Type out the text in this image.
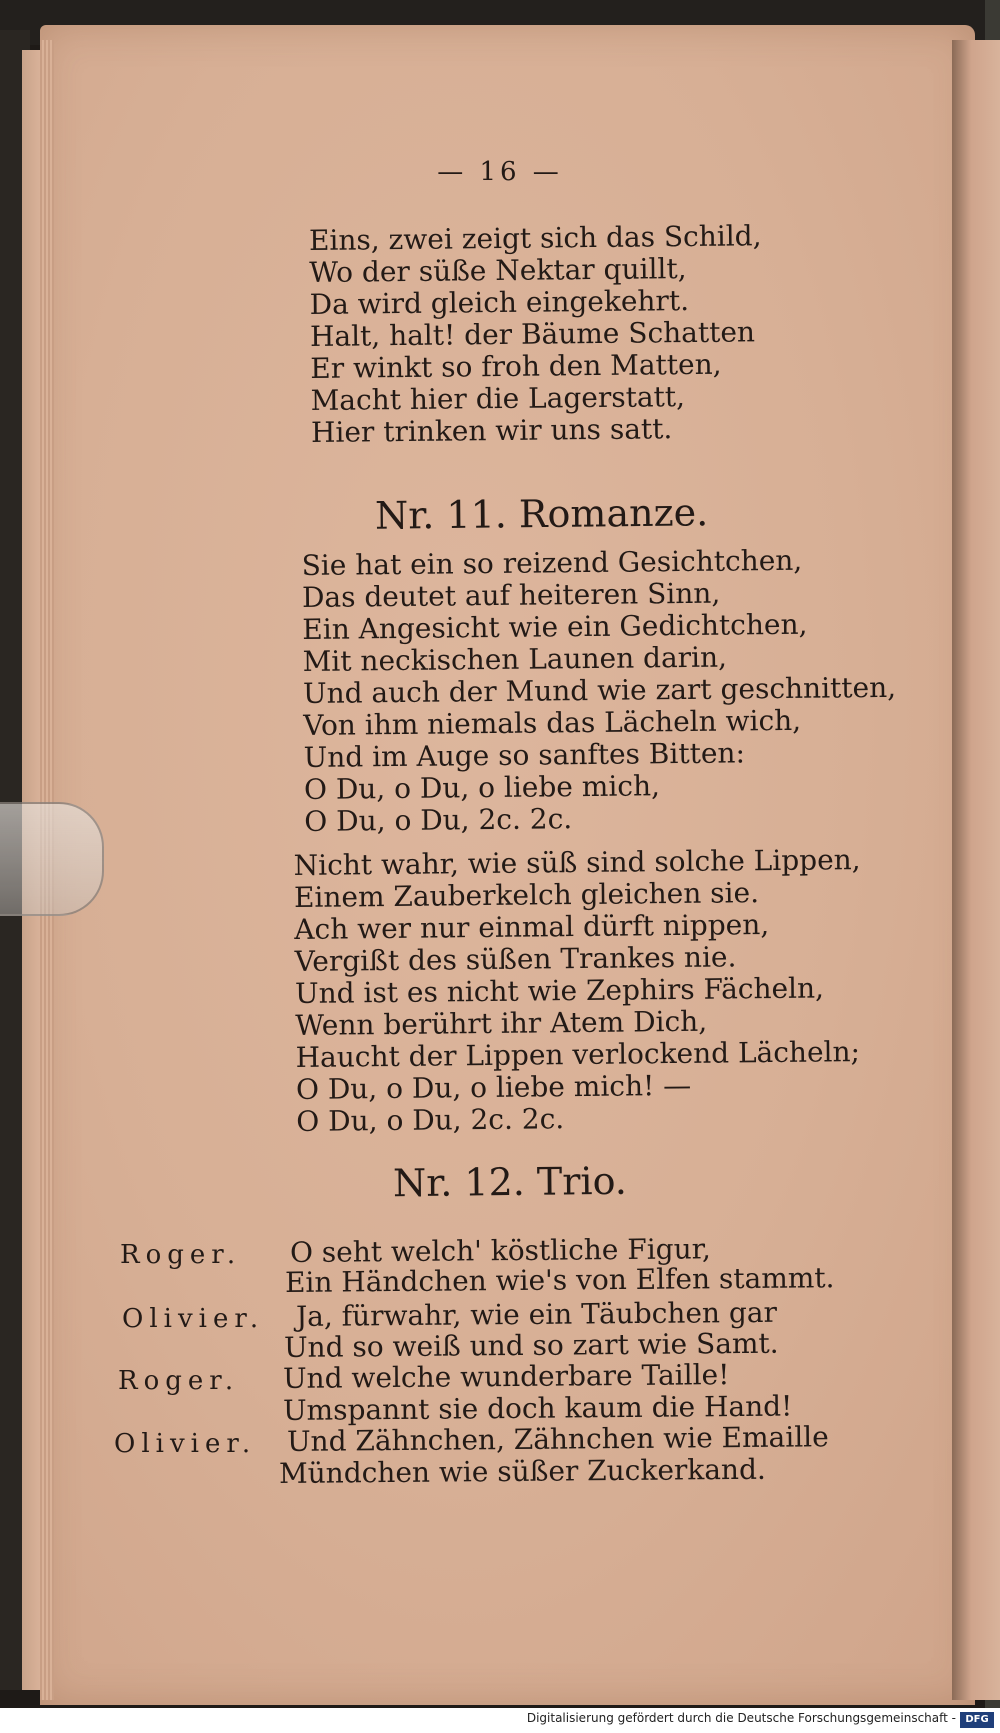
— 16 —
Eins, zwei zeigt sich das Schild,
Wo der süße Nektar quillt,
Da wird gleich eingekehrt.
Halt, halt! der Bäume Schatten
Er winkt so froh den Matten,
Macht hier die Lagerstatt,
Hier trinken wir uns satt.
Nr. 11. Romanze.
Sie hat ein so reizend Gesichtchen,
Das deutet auf heiteren Sinn,
Ein Angesicht wie ein Gedichtchen,
Mit neckischen Launen darin,
Und auch der Mund wie zart geschnitten,
Von ihm niemals das Lächeln wich,
Und im Auge so sanftes Bitten:
O Du, o Du, o liebe mich,
O Du, o Du, 2c. 2c.
Nicht wahr, wie süß sind solche Lippen,
Einem Zauberkelch gleichen sie.
Ach wer nur einmal dürft nippen,
Vergißt des süßen Trankes nie.
Und ist es nicht wie Zephirs Fächeln,
Wenn berührt ihr Atem Dich,
Haucht der Lippen verlockend Lächeln;
O Du, o Du, o liebe mich! —
O Du, o Du, 2c. 2c.
Nr. 12. Trio.
Roger. O seht welch' köstliche Figur,
Ein Händchen wie's von Elfen stammt.
Olivier. Ja, fürwahr, wie ein Täubchen gar
Und so weiß und so zart wie Samt.
Roger. Und welche wunderbare Taille!
Umspannt sie doch kaum die Hand!
Olivier. Und Zähnchen, Zähnchen wie Emaille
Mündchen wie süßer Zuckerkand.
Digitalisierung gefördert durch die Deutsche Forschungsgemeinschaft - DFG
